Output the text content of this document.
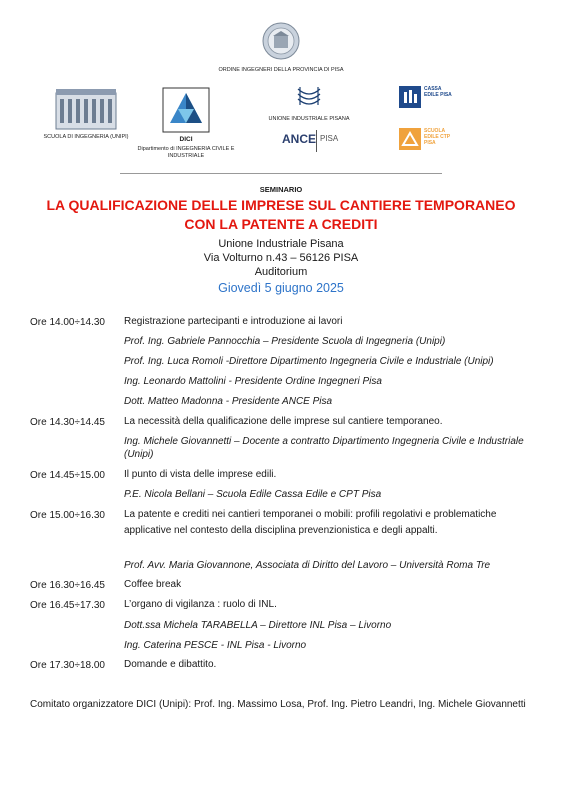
ORDINE INGEGNERI DELLA PROVINCIA DI PISA
SCUOLA DI INGEGNERIA (UNIPI)	DICI
Dipartimento di INGEGNERIA CIVILE E INDUSTRIALE
UNIONE INDUSTRIALE PISANA
ANCE PISA
CASSA EDILE PISA
SCUOLA EDILE CTP PISA
SEMINARIO
LA QUALIFICAZIONE DELLE IMPRESE SUL CANTIERE TEMPORANEO
CON LA PATENTE A CREDITI
Unione Industriale Pisana
Via Volturno n.43 – 56126 PISA
Auditorium
Giovedì 5 giugno 2025
Ore 14.00÷14.30 Registrazione partecipanti e introduzione ai lavori
Prof. Ing. Gabriele Pannocchia – Presidente Scuola di Ingegneria (Unipi)
Prof. Ing. Luca Romoli -Direttore Dipartimento Ingegneria Civile e Industriale (Unipi)
Ing. Leonardo Mattolini - Presidente Ordine Ingegneri Pisa
Dott. Matteo Madonna - Presidente ANCE Pisa
Ore 14.30÷14.45 La necessità della qualificazione delle imprese sul cantiere temporaneo.
Ing. Michele Giovannetti – Docente a contratto Dipartimento Ingegneria Civile e Industriale (Unipi)
Ore 14.45÷15.00 Il punto di vista delle imprese edili.
P.E. Nicola Bellani – Scuola Edile Cassa Edile e CPT Pisa
Ore 15.00÷16.30 La patente e crediti nei cantieri temporanei o mobili: profili regolativi e problematiche applicative nel contesto della disciplina prevenzionistica e degli appalti.
Prof. Avv. Maria Giovannone, Associata di Diritto del Lavoro – Università Roma Tre
Ore 16.30÷16.45 Coffee break
Ore 16.45÷17.30 L’organo di vigilanza : ruolo di INL.
Dott.ssa Michela TARABELLA – Direttore INL Pisa – Livorno
Ing. Caterina PESCE - INL Pisa - Livorno
Ore 17.30÷18.00 Domande e dibattito.
Comitato organizzatore DICI (Unipi): Prof. Ing. Massimo Losa, Prof. Ing. Pietro Leandri, Ing. Michele Giovannetti
